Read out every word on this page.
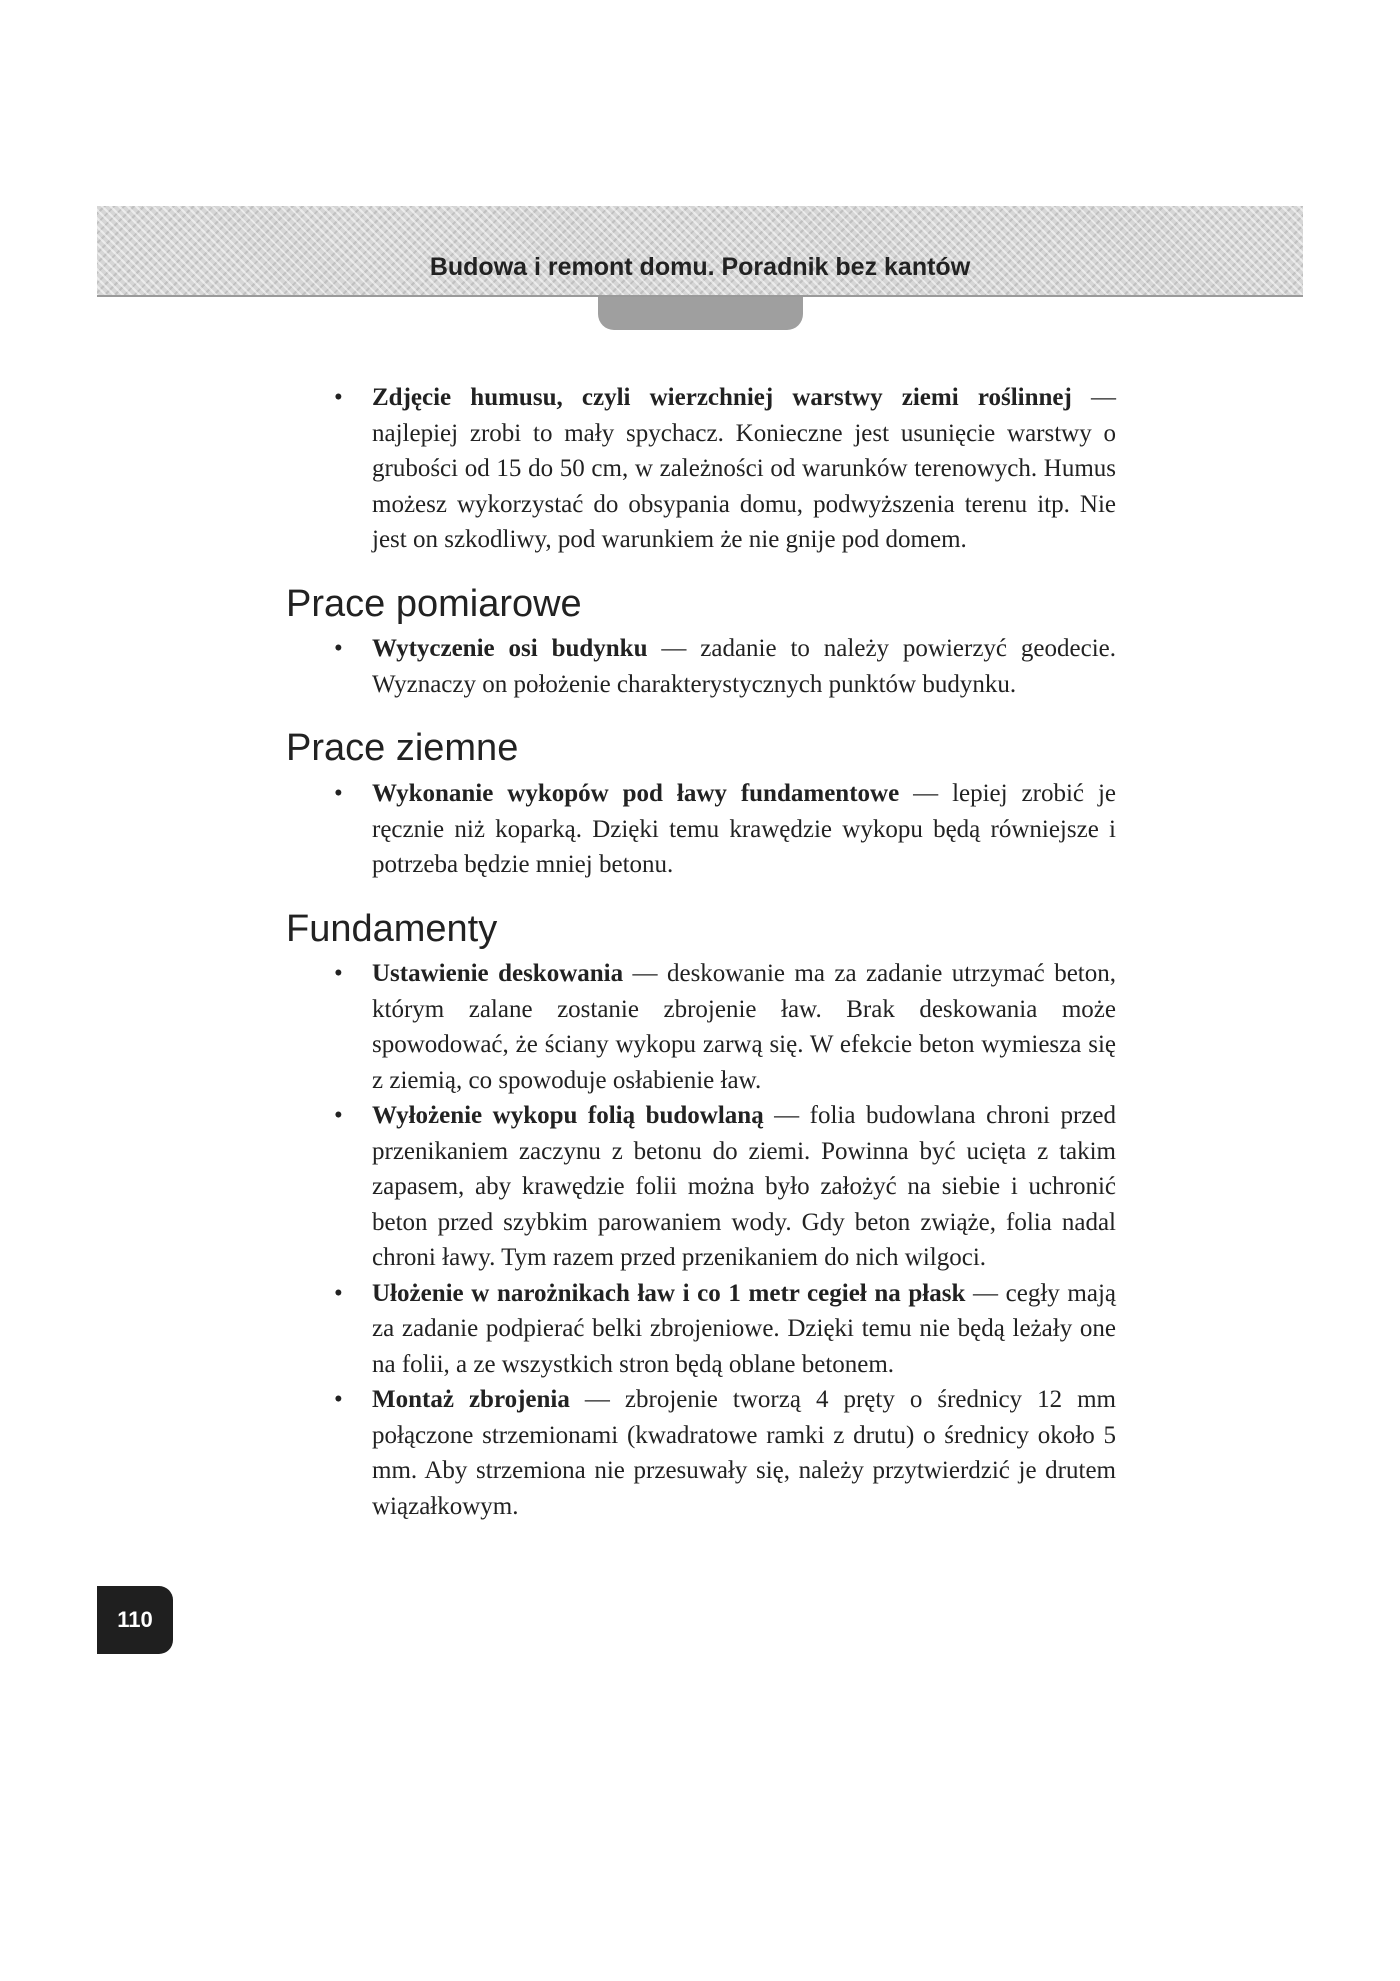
Budowa i remont domu. Poradnik bez kantów
• Zdjęcie humusu, czyli wierzchniej warstwy ziemi roślinnej — najlepiej zrobi to mały spychacz. Konieczne jest usunięcie warstwy o grubości od 15 do 50 cm, w zależności od warunków terenowych. Humus możesz wykorzystać do obsypania domu, podwyższenia terenu itp. Nie jest on szkodliwy, pod warunkiem że nie gnije pod domem.
Prace pomiarowe
• Wytyczenie osi budynku — zadanie to należy powierzyć geodecie. Wyznaczy on położenie charakterystycznych punktów budynku.
Prace ziemne
• Wykonanie wykopów pod ławy fundamentowe — lepiej zrobić je ręcznie niż koparką. Dzięki temu krawędzie wykopu będą równiejsze i potrzeba będzie mniej betonu.
Fundamenty
• Ustawienie deskowania — deskowanie ma za zadanie utrzymać beton, którym zalane zostanie zbrojenie ław. Brak deskowania może spowodować, że ściany wykopu zarwą się. W efekcie beton wymiesza się z ziemią, co spowoduje osłabienie ław.
• Wyłożenie wykopu folią budowlaną — folia budowlana chroni przed przenikaniem zaczynu z betonu do ziemi. Powinna być ucięta z takim zapasem, aby krawędzie folii można było założyć na siebie i uchronić beton przed szybkim parowaniem wody. Gdy beton zwiąże, folia nadal chroni ławy. Tym razem przed przenikaniem do nich wilgoci.
• Ułożenie w narożnikach ław i co 1 metr cegieł na płask — cegły mają za zadanie podpierać belki zbrojeniowe. Dzięki temu nie będą leżały one na folii, a ze wszystkich stron będą oblane betonem.
• Montaż zbrojenia — zbrojenie tworzą 4 pręty o średnicy 12 mm połączone strzemionami (kwadratowe ramki z drutu) o średnicy około 5 mm. Aby strzemiona nie przesuwały się, należy przytwierdzić je drutem wiązałkowym.
110
